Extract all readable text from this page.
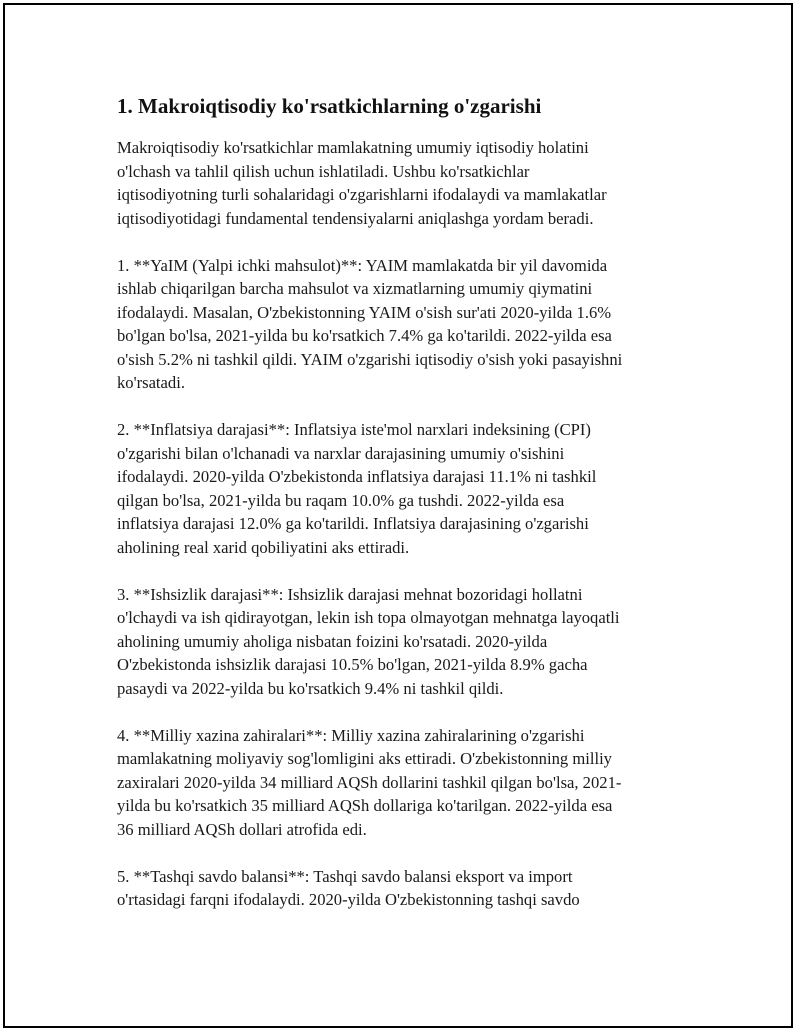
1. Makroiqtisodiy ko'rsatkichlarning o'zgarishi

Makroiqtisodiy ko'rsatkichlar mamlakatning umumiy iqtisodiy holatini
o'lchash va tahlil qilish uchun ishlatiladi. Ushbu ko'rsatkichlar
iqtisodiyotning turli sohalaridagi o'zgarishlarni ifodalaydi va mamlakatlar
iqtisodiyotidagi fundamental tendensiyalarni aniqlashga yordam beradi.

1. **YaIM (Yalpi ichki mahsulot)**: YAIM mamlakatda bir yil davomida
ishlab chiqarilgan barcha mahsulot va xizmatlarning umumiy qiymatini
ifodalaydi. Masalan, O'zbekistonning YAIM o'sish sur'ati 2020-yilda 1.6%
bo'lgan bo'lsa, 2021-yilda bu ko'rsatkich 7.4% ga ko'tarildi. 2022-yilda esa
o'sish 5.2% ni tashkil qildi. YAIM o'zgarishi iqtisodiy o'sish yoki pasayishni
ko'rsatadi.

2. **Inflatsiya darajasi**: Inflatsiya iste'mol narxlari indeksining (CPI)
o'zgarishi bilan o'lchanadi va narxlar darajasining umumiy o'sishini
ifodalaydi. 2020-yilda O'zbekistonda inflatsiya darajasi 11.1% ni tashkil
qilgan bo'lsa, 2021-yilda bu raqam 10.0% ga tushdi. 2022-yilda esa
inflatsiya darajasi 12.0% ga ko'tarildi. Inflatsiya darajasining o'zgarishi
aholining real xarid qobiliyatini aks ettiradi.

3. **Ishsizlik darajasi**: Ishsizlik darajasi mehnat bozoridagi hollatni
o'lchaydi va ish qidirayotgan, lekin ish topa olmayotgan mehnatga layoqatli
aholining umumiy aholiga nisbatan foizini ko'rsatadi. 2020-yilda
O'zbekistonda ishsizlik darajasi 10.5% bo'lgan, 2021-yilda 8.9% gacha
pasaydi va 2022-yilda bu ko'rsatkich 9.4% ni tashkil qildi.

4. **Milliy xazina zahiralari**: Milliy xazina zahiralarining o'zgarishi
mamlakatning moliyaviy sog'lomligini aks ettiradi. O'zbekistonning milliy
zaxiralari 2020-yilda 34 milliard AQSh dollarini tashkil qilgan bo'lsa, 2021-
yilda bu ko'rsatkich 35 milliard AQSh dollariga ko'tarilgan. 2022-yilda esa
36 milliard AQSh dollari atrofida edi.

5. **Tashqi savdo balansi**: Tashqi savdo balansi eksport va import
o'rtasidagi farqni ifodalaydi. 2020-yilda O'zbekistonning tashqi savdo
